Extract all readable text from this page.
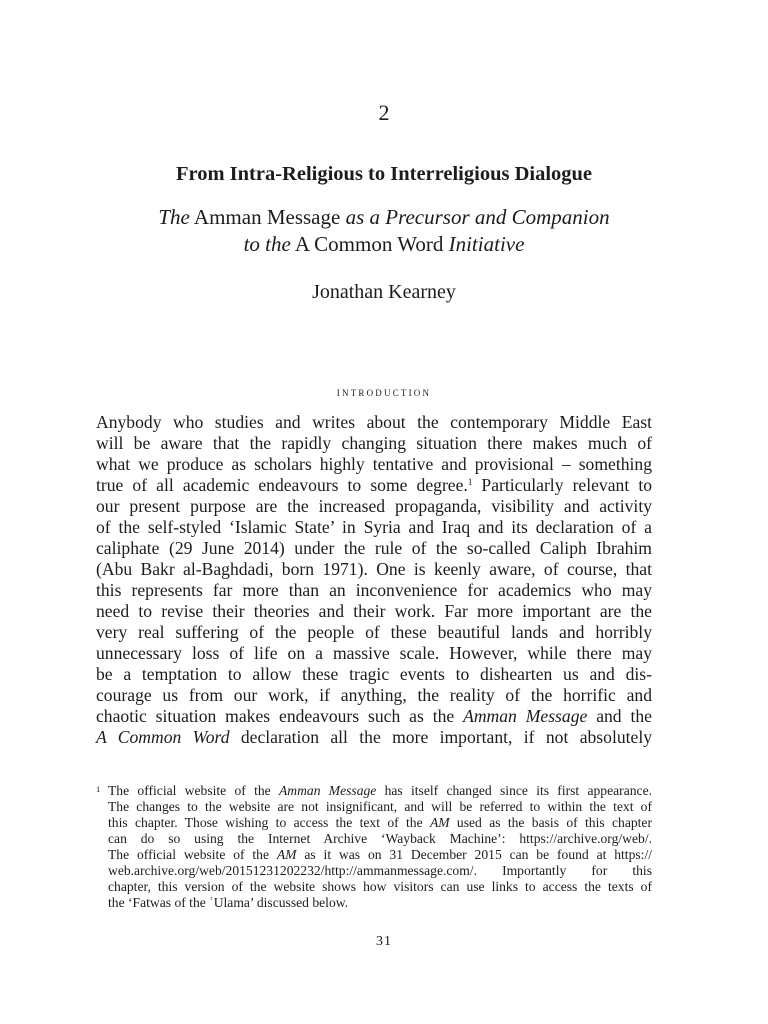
2
From Intra-Religious to Interreligious Dialogue
The Amman Message as a Precursor and Companion
to the A Common Word Initiative
Jonathan Kearney
introduction
Anybody who studies and writes about the contemporary Middle East
will be aware that the rapidly changing situation there makes much of
what we produce as scholars highly tentative and provisional – something
true of all academic endeavours to some degree.$^1$ Particularly relevant to
our present purpose are the increased propaganda, visibility and activity
of the self-styled ‘Islamic State’ in Syria and Iraq and its declaration of a
caliphate (29 June 2014) under the rule of the so-called Caliph Ibrahim
(Abu Bakr al-Baghdadi, born 1971). One is keenly aware, of course, that
this represents far more than an inconvenience for academics who may
need to revise their theories and their work. Far more important are the
very real suffering of the people of these beautiful lands and horribly
unnecessary loss of life on a massive scale. However, while there may
be a temptation to allow these tragic events to dishearten us and dis-
courage us from our work, if anything, the reality of the horrific and
chaotic situation makes endeavours such as the Amman Message and the
A Common Word declaration all the more important, if not absolutely
1 The official website of the Amman Message has itself changed since its first appearance.
The changes to the website are not insignificant, and will be referred to within the text of
this chapter. Those wishing to access the text of the AM used as the basis of this chapter
can do so using the Internet Archive ‘Wayback Machine’: https://archive.org/web/.
The official website of the AM as it was on 31 December 2015 can be found at https://
web.archive.org/web/20151231202232/http://ammanmessage.com/. Importantly for this
chapter, this version of the website shows how visitors can use links to access the texts of
the ‘Fatwas of the ʿUlama’ discussed below.
31
